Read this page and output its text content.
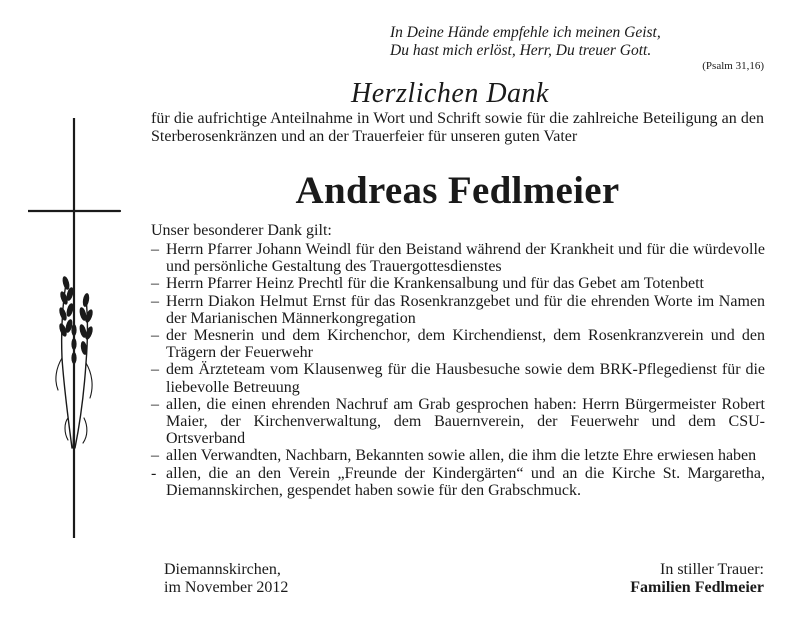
In Deine Hände empfehle ich meinen Geist,
Du hast mich erlöst, Herr, Du treuer Gott.
(Psalm 31,16)
Herzlichen Dank
für die aufrichtige Anteilnahme in Wort und Schrift sowie für die zahlreiche Beteiligung an den Sterberosenkränzen und an der Trauerfeier für unseren guten Vater
Andreas Fedlmeier
Unser besonderer Dank gilt:
– Herrn Pfarrer Johann Weindl für den Beistand während der Krankheit und für die würdevolle und persönliche Gestaltung des Trauergottesdienstes
– Herrn Pfarrer Heinz Prechtl für die Krankensalbung und für das Gebet am Totenbett
– Herrn Diakon Helmut Ernst für das Rosenkranzgebet und für die ehrenden Worte im Namen der Marianischen Männerkongregation
– der Mesnerin und dem Kirchenchor, dem Kirchendienst, dem Rosenkranzverein und den Trägern der Feuerwehr
– dem Ärzteteam vom Klausenweg für die Hausbesuche sowie dem BRK-Pflegedienst für die liebevolle Betreuung
– allen, die einen ehrenden Nachruf am Grab gesprochen haben: Herrn Bürgermeister Robert Maier, der Kirchenverwaltung, dem Bauernverein, der Feuerwehr und dem CSU-Ortsverband
– allen Verwandten, Nachbarn, Bekannten sowie allen, die ihm die letzte Ehre erwiesen haben
- allen, die an den Verein „Freunde der Kindergärten“ und an die Kirche St. Margaretha, Diemannskirchen, gespendet haben sowie für den Grabschmuck.
Diemannskirchen,
im November 2012
In stiller Trauer:
Familien Fedlmeier
